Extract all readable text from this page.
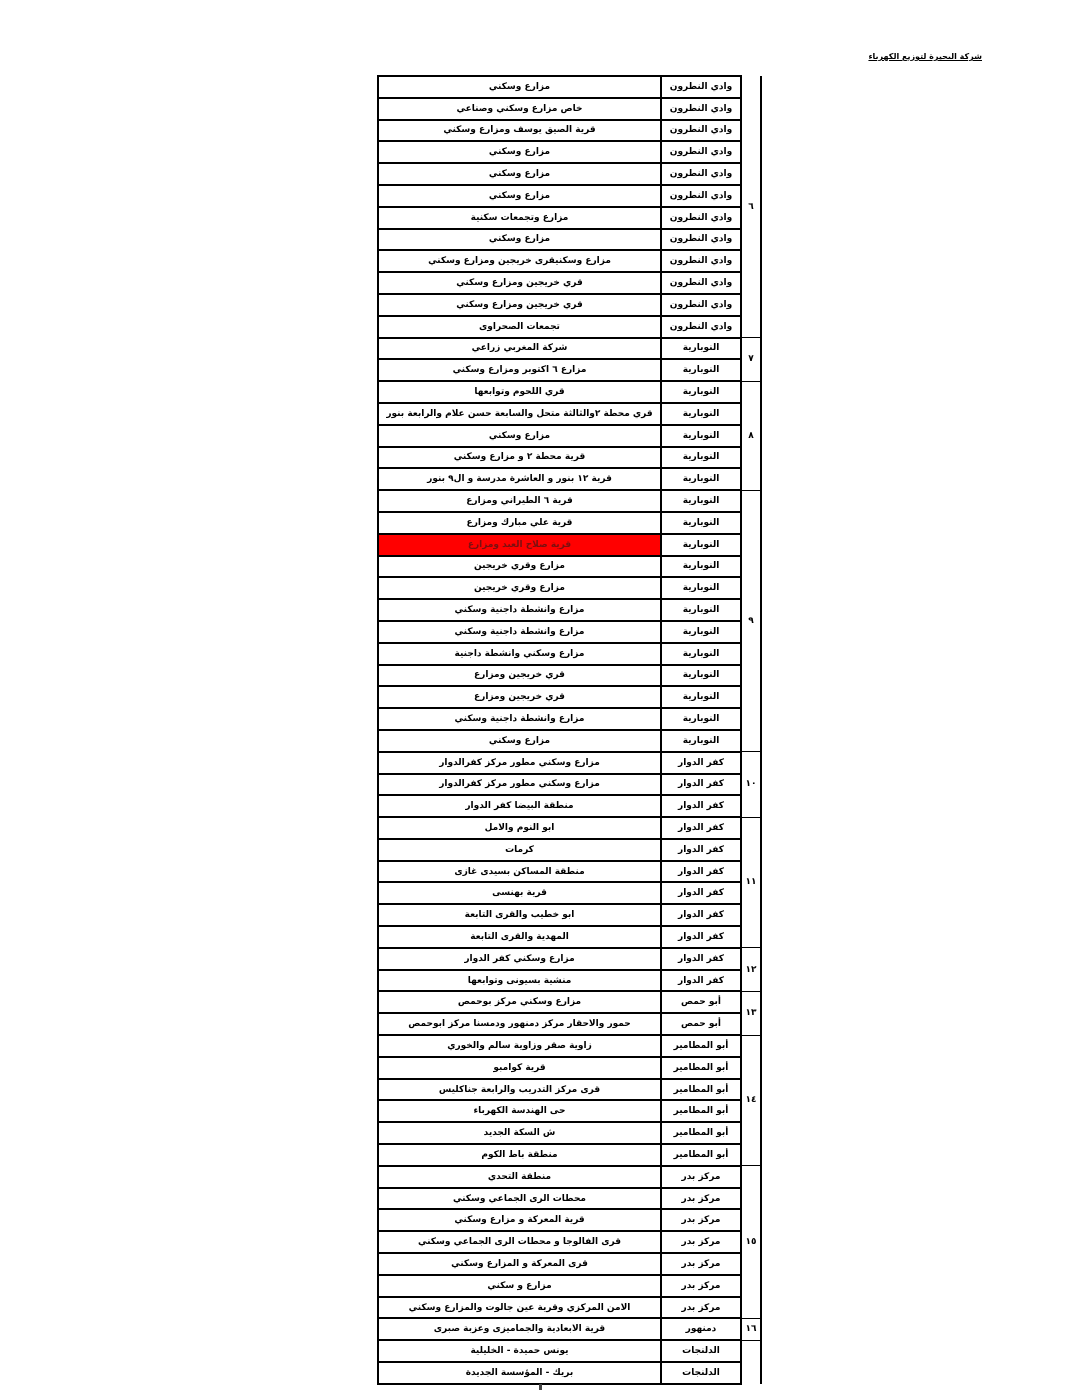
شركة البحيرة لتوزيع الكهرباء
مزارع وسكني	وادي النطرون	٦
خاص مزارع وسكني وصناعي	وادي النطرون	
قرية الصيق يوسف ومزارع وسكني	وادي النطرون	
مزارع وسكني	وادي النطرون	
مزارع وسكني	وادي النطرون	
مزارع وسكني	وادي النطرون	
مزارع وتجمعات سكنية	وادي النطرون	
مزارع وسكني	وادي النطرون	
مزارع وسكنيقرى خريجين ومزارع وسكني	وادي النطرون	
قري خريجين ومزارع وسكني	وادي النطرون	
قري خريجين ومزارع وسكني	وادي النطرون	
تجمعات الصحراوى	وادي النطرون	
شركة المغربي زراعي	النوبارية	٧
مزارع ٦ اكتوبر ومزارع وسكني	النوبارية	
قري اللحوم وتوابعها	النوبارية	٨
قري محطة ٢والثالثة متحل والسابعة حسن علام والرابعة بنور	النوبارية	
مزارع وسكني	النوبارية	
قرية محطة ٢ و مزارع وسكني	النوبارية	
قرية ١٢ بنور و العاشرة مدرسة و ال٩ بنور	النوبارية	
قرية ٦ الطيراني ومزارع	النوبارية	٩
قرية علي مبارك ومزارع	النوبارية	
قرية صلاح العبد ومزارع	النوبارية	
مزارع وقري خريجين	النوبارية	
مزارع وقري خريجين	النوبارية	
مزارع وانشطة داجنية وسكني	النوبارية	
مزارع وانشطة داجنية وسكني	النوبارية	
مزارع وسكني وانشطة داجنية	النوبارية	
قري خريجين ومزارع	النوبارية	
قري خريجين ومزارع	النوبارية	
مزارع وانشطة داجنية وسكني	النوبارية	
مزارع وسكني	النوبارية	
مزارع وسكني مطور مركز كفرالدوار	كفر الدوار	١٠
مزارع وسكني مطور مركز كفرالدوار	كفر الدوار	
منطقة البيضا كفر الدوار	كفر الدوار	
ابو النوم والامل	كفر الدوار	١١
كرمات	كفر الدوار	
منطقة المساكن بسيدى غازى	كفر الدوار	
قرية بهنسى	كفر الدوار	
ابو خطيب والقرى التابعة	كفر الدوار	
المهدية والقرى التابعة	كفر الدوار	
مزارع وسكني كفر الدوار	كفر الدوار	١٢
منشية بسيونى وتوابعها	كفر الدوار	
مزارع وسكني مركز بوحمص	أبو حمص	١٣
حمور والاحقار مركز دمنهور ودمسنا مركز ابوحمص	أبو حمص	
زاوية صقر وزاوية سالم والخوري	أبو المطامير	١٤
قرية كوامبو	أبو المطامير	
قرى مركز التدريب والرابعة جناكليس	أبو المطامير	
حى الهندسة الكهرباء	أبو المطامير	
ش السكة الجديد	أبو المطامير	
منطقة باط الكوم	أبو المطامير	
منطقة التحدي	مركز بدر	١٥
محطات الرى الجماعي وسكني	مركز بدر	
قرية المعركة و مزارع وسكني	مركز بدر	
قرى الفالوجا و محطات الرى الجماعي وسكني	مركز بدر	
قرى المعركة و المزارع وسكني	مركز بدر	
مزارع و سكني	مركز بدر	
الامن المركزي وقرية عين جالوت والمزارع وسكني	مركز بدر	
قرية الابعادية والجماميزى وعزبة صبرى	دمنهور	١٦
يونس حميدة - الخليلية	الدلنجات	
بريك - المؤسسة الجديدة	الدلنجات	
